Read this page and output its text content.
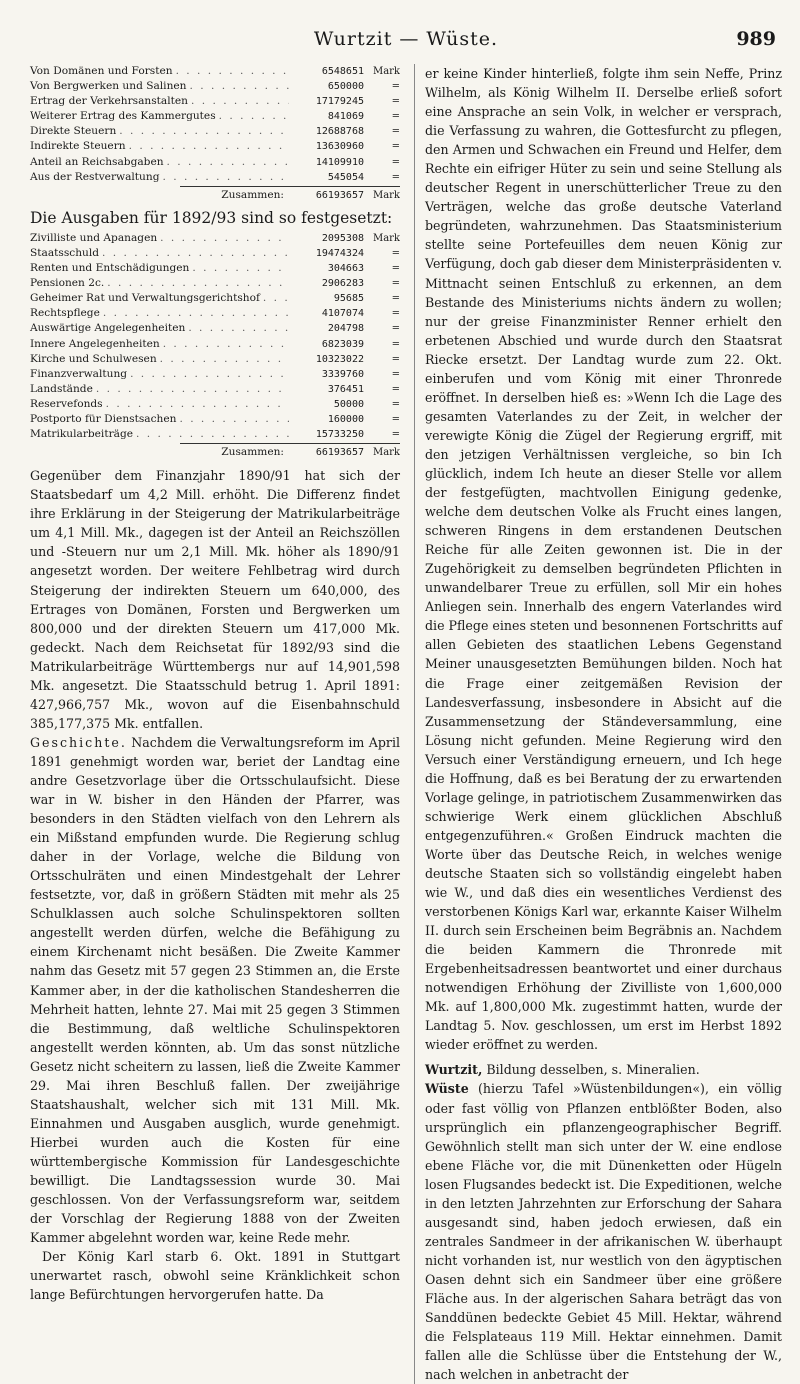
Wurtzit — Wüste.	989
Von Domänen und Forsten . . .	6548651 Mark
Von Bergwerken und Salinen . . .	650000	=
Ertrag der Verkehrsanstalten . . .	17179245	=
Weiterer Ertrag des Kammergutes . . .	841069	=
Direkte Steuern . . .	12688768	=
Indirekte Steuern . . .	13630960	=
Anteil an Reichsabgaben . . .	14109910	=
Aus der Restverwaltung . . .	545054	=
Zusammen:	66193657 Mark
Die Ausgaben für 1892/93 sind so festgesetzt:
Zivilliste und Apanagen . . .	2095308 Mark
Staatsschuld . . .	19474324	=
Renten und Entschädigungen . . .	304663	=
Pensionen 2c. . . .	2906283	=
Geheimer Rat und Verwaltungsgerichtshof . . .	95685	=
Rechtspflege . . .	4107074	=
Auswärtige Angelegenheiten . . .	204798	=
Innere Angelegenheiten . . .	6823039	=
Kirche und Schulwesen . . .	10323022	=
Finanzverwaltung . . .	3339760	=
Landstände . . .	376451	=
Reservefonds . . .	50000	=
Postporto für Dienstsachen . . .	160000	=
Matrikularbeiträge . . .	15733250	=
Zusammen:	66193657 Mark

Gegenüber dem Finanzjahr 1890/91 hat sich der Staatsbedarf um 4,2 Mill. erhöht. Die Differenz findet ihre Erklärung in der Steigerung der Matrikularbeiträge um 4,1 Mill. Mk., dagegen ist der Anteil an Reichszöllen und -Steuern nur um 2,1 Mill. Mk. höher als 1890/91 angesetzt worden. Der weitere Fehlbetrag wird durch Steigerung der indirekten Steuern um 640,000, des Ertrages von Domänen, Forsten und Bergwerken um 800,000 und der direkten Steuern um 417,000 Mk. gedeckt. Nach dem Reichsetat für 1892/93 sind die Matrikularbeiträge Württembergs nur auf 14,901,598 Mk. angesetzt. Die Staatsschuld betrug 1. April 1891: 427,966,757 Mk., wovon auf die Eisenbahnschuld 385,177,375 Mk. entfallen.

Geschichte. Nachdem die Verwaltungsreform im April 1891 genehmigt worden war, beriet der Landtag eine andre Gesetzvorlage über die Ortsschulaufsicht. Diese war in W. bisher in den Händen der Pfarrer, was besonders in den Städten vielfach von den Lehrern als ein Mißstand empfunden wurde. Die Regierung schlug daher in der Vorlage, welche die Bildung von Ortsschulräten und einen Mindestgehalt der Lehrer festsetzte, vor, daß in größern Städten mit mehr als 25 Schulklassen auch solche Schulinspektoren sollten angestellt werden dürfen, welche die Befähigung zu einem Kirchenamt nicht besäßen. Die Zweite Kammer nahm das Gesetz mit 57 gegen 23 Stimmen an, die Erste Kammer aber, in der die katholischen Standesherren die Mehrheit hatten, lehnte 27. Mai mit 25 gegen 3 Stimmen die Bestimmung, daß weltliche Schulinspektoren angestellt werden könnten, ab. Um das sonst nützliche Gesetz nicht scheitern zu lassen, ließ die Zweite Kammer 29. Mai ihren Beschluß fallen. Der zweijährige Staatshaushalt, welcher sich mit 131 Mill. Mk. Einnahmen und Ausgaben ausglich, wurde genehmigt. Hierbei wurden auch die Kosten für eine württembergische Kommission für Landesgeschichte bewilligt. Die Landtagssession wurde 30. Mai geschlossen. Von der Verfassungsreform war, seitdem der Vorschlag der Regierung 1888 von der Zweiten Kammer abgelehnt worden war, keine Rede mehr.

Der König Karl starb 6. Okt. 1891 in Stuttgart unerwartet rasch, obwohl seine Kränklichkeit schon lange Befürchtungen hervorgerufen hatte. Da

er keine Kinder hinterließ, folgte ihm sein Neffe, Prinz Wilhelm, als König Wilhelm II. Derselbe erließ sofort eine Ansprache an sein Volk, in welcher er versprach, die Verfassung zu wahren, die Gottesfurcht zu pflegen, den Armen und Schwachen ein Freund und Helfer, dem Rechte ein eifriger Hüter zu sein und seine Stellung als deutscher Regent in unerschütterlicher Treue zu den Verträgen, welche das große deutsche Vaterland begründeten, wahrzunehmen. Das Staatsministerium stellte seine Portefeuilles dem neuen König zur Verfügung, doch gab dieser dem Ministerpräsidenten v. Mittnacht seinen Entschluß zu erkennen, an dem Bestande des Ministeriums nichts ändern zu wollen; nur der greise Finanzminister Renner erhielt den erbetenen Abschied und wurde durch den Staatsrat Riecke ersetzt. Der Landtag wurde zum 22. Okt. einberufen und vom König mit einer Thronrede eröffnet. In derselben hieß es: »Wenn Ich die Lage des gesamten Vaterlandes zu der Zeit, in welcher der verewigte König die Zügel der Regierung ergriff, mit den jetzigen Verhältnissen vergleiche, so bin Ich glücklich, indem Ich heute an dieser Stelle vor allem der festgefügten, machtvollen Einigung gedenke, welche dem deutschen Volke als Frucht eines langen, schweren Ringens in dem erstandenen Deutschen Reiche für alle Zeiten gewonnen ist. Die in der Zugehörigkeit zu demselben begründeten Pflichten in unwandelbarer Treue zu erfüllen, soll Mir ein hohes Anliegen sein. Innerhalb des engern Vaterlandes wird die Pflege eines steten und besonnenen Fortschritts auf allen Gebieten des staatlichen Lebens Gegenstand Meiner unausgesetzten Bemühungen bilden. Noch hat die Frage einer zeitgemäßen Revision der Landesverfassung, insbesondere in Absicht auf die Zusammensetzung der Ständeversammlung, eine Lösung nicht gefunden. Meine Regierung wird den Versuch einer Verständigung erneuern, und Ich hege die Hoffnung, daß es bei Beratung der zu erwartenden Vorlage gelinge, in patriotischem Zusammenwirken das schwierige Werk einem glücklichen Abschluß entgegenzuführen.« Großen Eindruck machten die Worte über das Deutsche Reich, in welches wenige deutsche Staaten sich so vollständig eingelebt haben wie W., und daß dies ein wesentliches Verdienst des verstorbenen Königs Karl war, erkannte Kaiser Wilhelm II. durch sein Erscheinen beim Begräbnis an. Nachdem die beiden Kammern die Thronrede mit Ergebenheitsadressen beantwortet und einer durchaus notwendigen Erhöhung der Zivilliste von 1,600,000 Mk. auf 1,800,000 Mk. zugestimmt hatten, wurde der Landtag 5. Nov. geschlossen, um erst im Herbst 1892 wieder eröffnet zu werden.

Wurtzit, Bildung desselben, s. Mineralien.

Wüste (hierzu Tafel »Wüstenbildungen«), ein völlig oder fast völlig von Pflanzen entblößter Boden, also ursprünglich ein pflanzengeographischer Begriff. Gewöhnlich stellt man sich unter der W. eine endlose ebene Fläche vor, die mit Dünenketten oder Hügeln losen Flugsandes bedeckt ist. Die Expeditionen, welche in den letzten Jahrzehnten zur Erforschung der Sahara ausgesandt sind, haben jedoch erwiesen, daß ein zentrales Sandmeer in der afrikanischen W. überhaupt nicht vorhanden ist, nur westlich von den ägyptischen Oasen dehnt sich ein Sandmeer über eine größere Fläche aus. In der algerischen Sahara beträgt das von Sanddünen bedeckte Gebiet 45 Mill. Hektar, während die Felsplateaus 119 Mill. Hektar einnehmen. Damit fallen alle die Schlüsse über die Entstehung der W., nach welchen in anbetracht der
